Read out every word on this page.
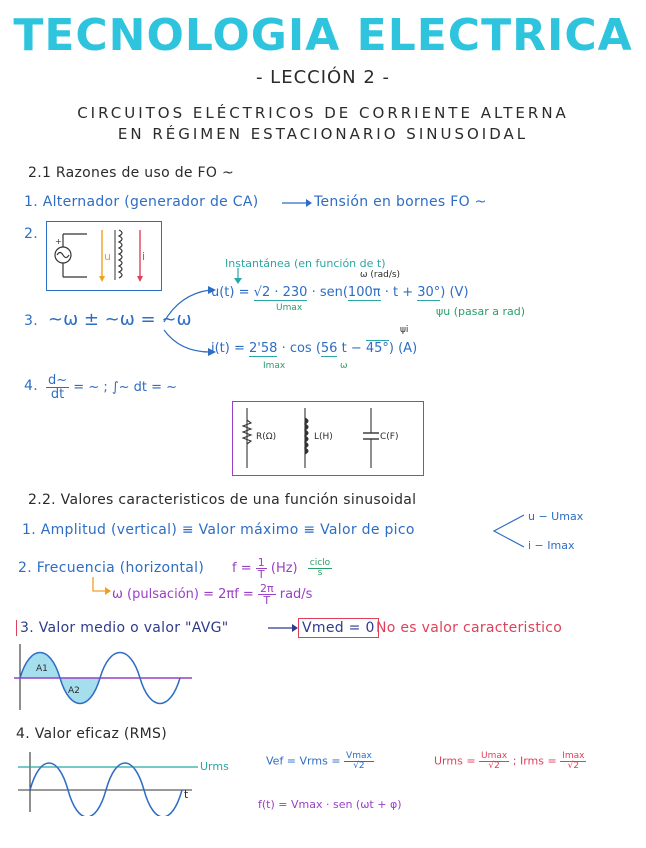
TECNOLOGIA ELECTRICA
- LECCIÓN 2 -
CIRCUITOS ELÉCTRICOS DE CORRIENTE ALTERNA
EN RÉGIMEN ESTACIONARIO SINUSOIDAL
2.1 Razones de uso de FO ~
1. Alternador (generador de CA)	Tensión en bornes FO ~
2. +
u	i
3. ~ω ± ~ω = ~ω
Instantánea (en función de t)
ω (rad/s)
u(t) = √2 · 230 · sen(100π · t + 30°) (V)
Umax	ψu (pasar a rad)
ψi
i(t) = 2'58 · cos (56 t − 45°) (A)
Imax	ω
4. $\frac{d\sim}{dt}$ = ~ ; ∫~ dt = ~
R(Ω)	L(H)	C(F)
2.2. Valores caracteristicos de una función sinusoidal
1. Amplitud (vertical) ≡ Valor máximo ≡ Valor de pico
u − Umax
i − Imax
2. Frecuencia (horizontal) $f = \frac{1}{T} (Hz) \frac{\text{ciclo}}{s}$
ω (pulsación) = $2\pi f = \frac{2\pi}{T} rad/s$
3. Valor medio o valor "AVG"	Vmed = 0 No es valor caracteristico
A1
A2
4. Valor eficaz (RMS)
Urms
t
Vef = Vrms = $\frac{Vmax}{√2}$	Urms = $\frac{Umax}{√2}$ ; Irms = $\frac{Imax}{√2}$
f(t) = Vmax · sen (ωt + φ)
